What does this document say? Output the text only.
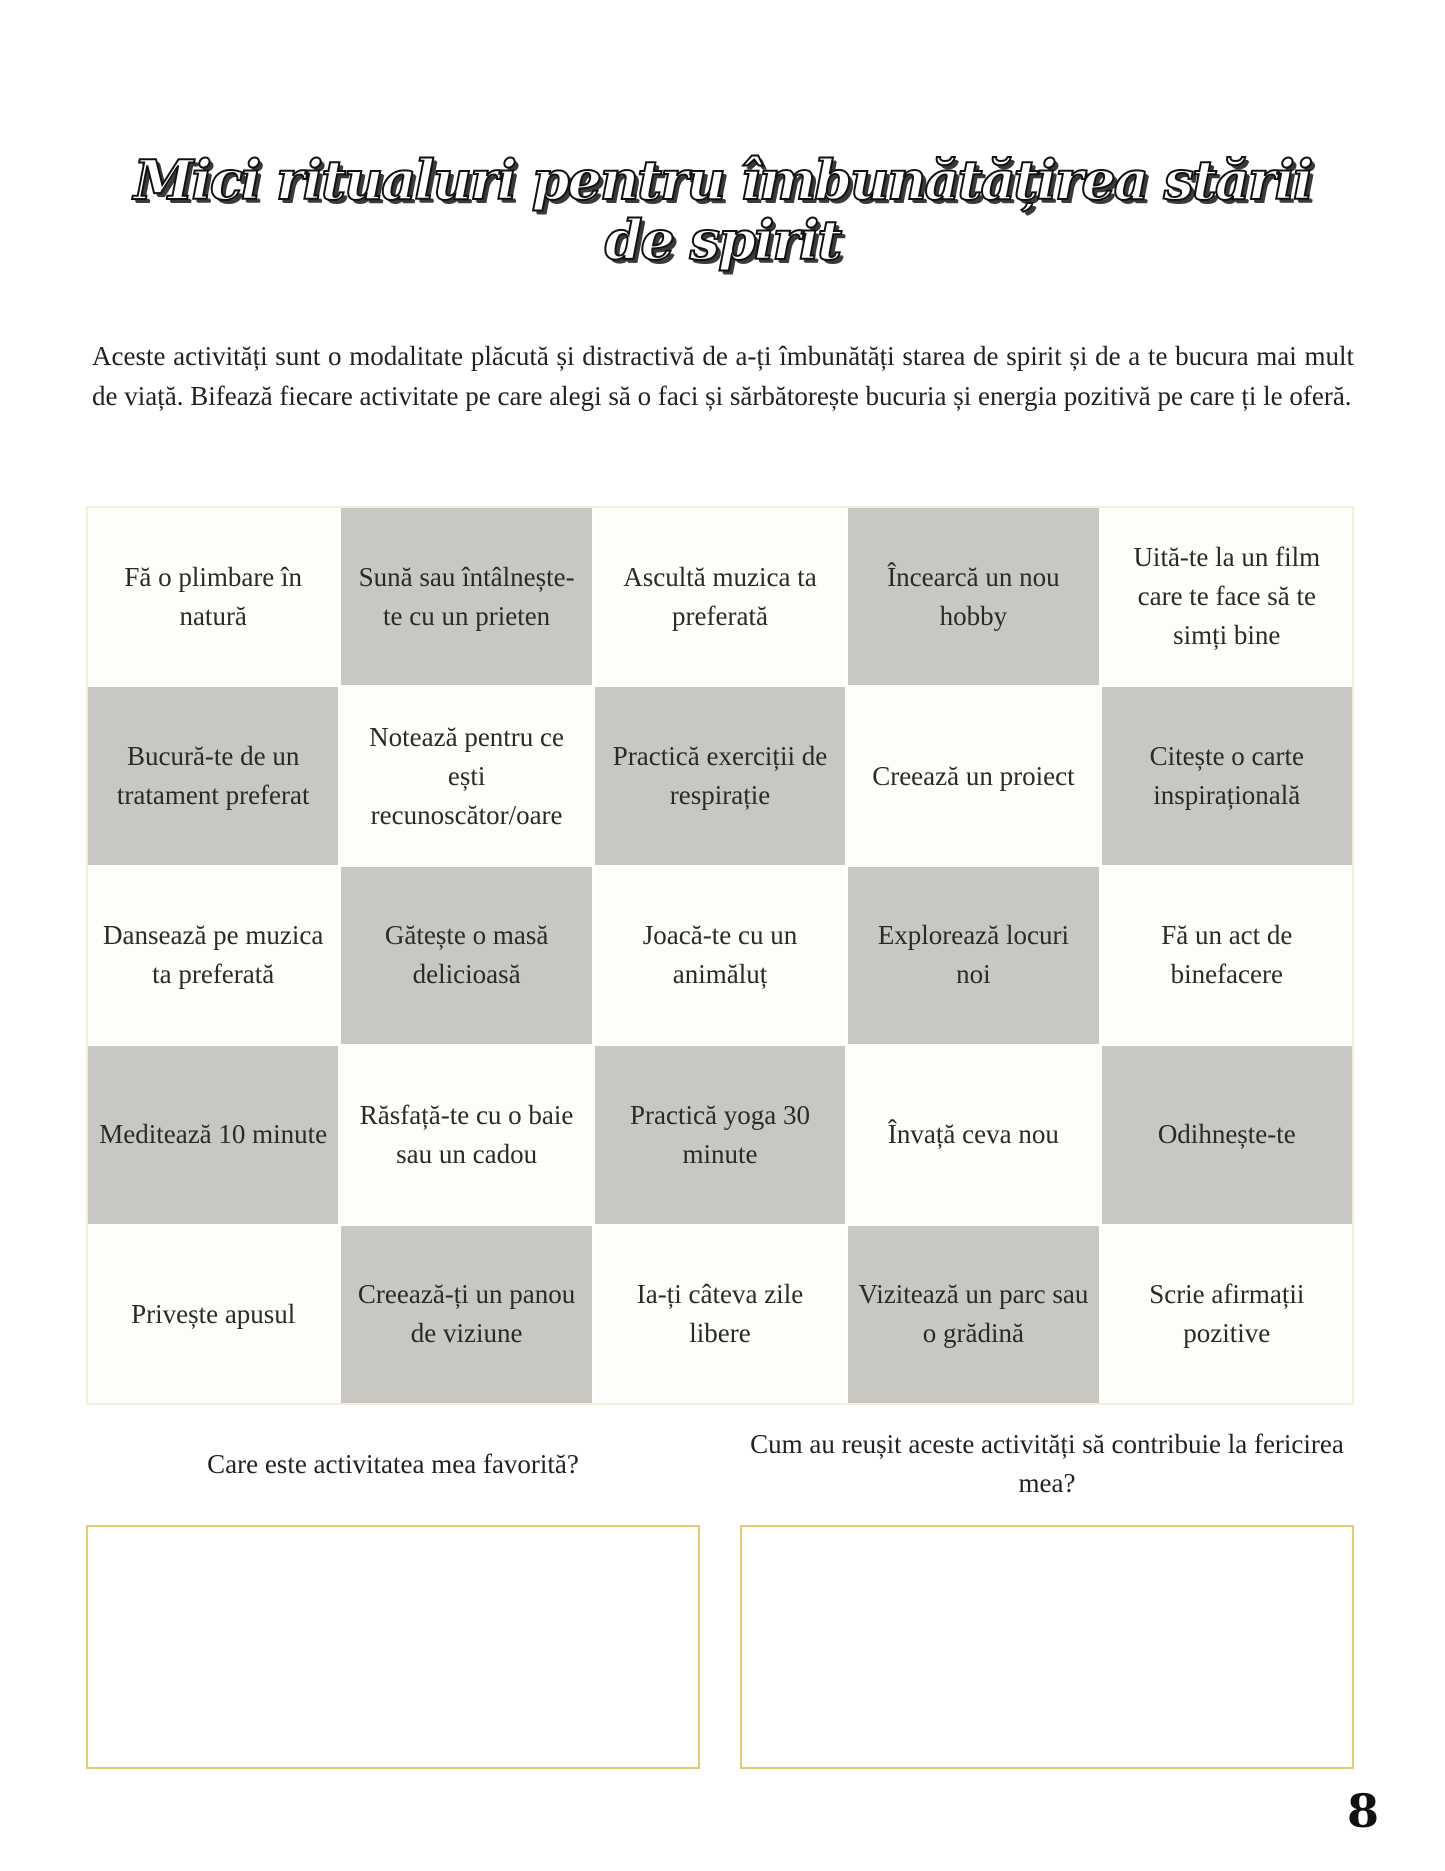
Mici ritualuri pentru îmbunătățirea stării de spirit

Aceste activități sunt o modalitate plăcută și distractivă de a-ți îmbunătăți starea de spirit și de a te bucura mai mult de viață. Bifează fiecare activitate pe care alegi să o faci și sărbătorește bucuria și energia pozitivă pe care ți le oferă.

Fă o plimbare în natură
Sună sau întâlnește-te cu un prieten
Ascultă muzica ta preferată
Încearcă un nou hobby
Uită-te la un film care te face să te simți bine
Bucură-te de un tratament preferat
Notează pentru ce ești recunoscător/oare
Practică exerciții de respirație
Creează un proiect
Citește o carte inspirațională
Dansează pe muzica ta preferată
Gătește o masă delicioasă
Joacă-te cu un animăluț
Explorează locuri noi
Fă un act de binefacere
Meditează 10 minute
Răsfață-te cu o baie sau un cadou
Practică yoga 30 minute
Învață ceva nou	Odihnește-te
Privește apusul
Creează-ți un panou de viziune
Ia-ți câteva zile libere
Vizitează un parc sau o grădină
Scrie afirmații pozitive

Care este activitatea mea favorită?

Cum au reușit aceste activități să contribuie la fericirea mea?

8
